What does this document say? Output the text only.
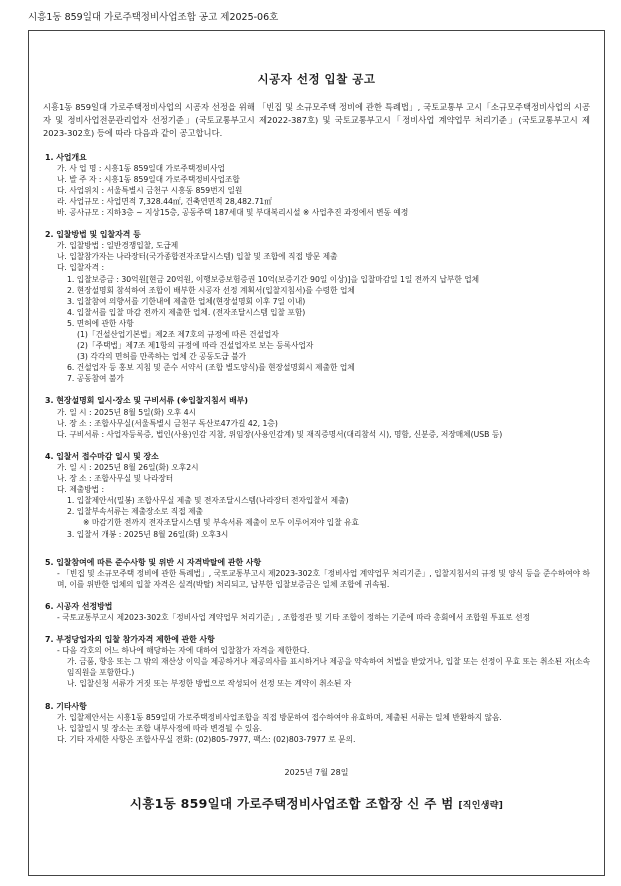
시흥1동 859일대 가로주택정비사업조합 공고 제2025-06호
시공자 선정 입찰 공고

시흥1동 859일대 가로주택정비사업의 시공자 선정을 위해 「빈집 및 소규모주택 정비에 관한 특례법」, 국토교통부 고시「소규모주택정비사업의 시공자 및 정비사업전문관리업자 선정기준」(국토교통부고시 제2022-387호) 및 국토교통부고시「정비사업 계약업무 처리기준」(국토교통부고시 제2023-302호) 등에 따라 다음과 같이 공고합니다.

1. 사업개요
가. 사 업 명 : 시흥1동 859일대 가로주택정비사업
나. 발 주 자 : 시흥1동 859일대 가로주택정비사업조합
다. 사업위치 : 서울특별시 금천구 시흥동 859번지 일원
라. 사업규모 : 사업면적 7,328.44㎡, 건축연면적 28,482.71㎡
바. 공사규모 : 지하3층 ~ 지상15층, 공동주택 187세대 및 부대복리시설 ※ 사업추진 과정에서 변동 예정
2. 입찰방법 및 입찰자격 등
가. 입찰방법 : 일반경쟁입찰, 도급제
나. 입찰참가자는 나라장터(국가종합전자조달시스템) 입찰 및 조합에 직접 방문 제출
다. 입찰자격 :
1. 입찰보증금 : 30억원[현금 20억원, 이행보증보험증권 10억(보증기간 90일 이상)]을 입찰마감일 1일 전까지 납부한 업체
2. 현장설명회 참석하여 조합이 배부한 시공자 선정 계획서(입찰지침서)를 수령한 업체
3. 입찰참여 의향서를 기한내에 제출한 업체(현장설명회 이후 7일 이내)
4. 입찰서를 입찰 마감 전까지 제출한 업체. (전자조달시스템 입찰 포함)
5. 면허에 관한 사항
(1)「건설산업기본법」제2조 제7호의 규정에 따른 건설업자
(2)「주택법」제7조 제1항의 규정에 따라 건설업자로 보는 등록사업자
(3) 각각의 면허를 만족하는 업체 간 공동도급 불가
6. 건설업자 등 홍보 지침 및 준수 서약서 (조합 별도양식)를 현장설명회시 제출한 업체
7. 공동참여 불가
3. 현장설명회 일시·장소 및 구비서류 (※입찰지침서 배부)
가. 일 시 : 2025년 8월 5일(화) 오후 4시
나. 장 소 : 조합사무실(서울특별시 금천구 독산로47가길 42, 1층)
다. 구비서류 : 사업자등록증, 법인(사용)인감 지참, 위임장(사용인감계) 및 재직증명서(대리참석 시), 명함, 신분증, 저장매체(USB 등)
4. 입찰서 접수마감 일시 및 장소
가. 일 시 : 2025년 8월 26일(화) 오후2시
나. 장 소 : 조합사무실 및 나라장터
다. 제출방법 :
1. 입찰제안서(밀봉) 조합사무실 제출 및 전자조달시스템(나라장터 전자입찰서 제출)
2. 입찰부속서류는 제출장소로 직접 제출
※ 마감기한 전까지 전자조달시스템 및 부속서류 제출이 모두 이루어져야 입찰 유효
3. 입찰서 개봉 : 2025년 8월 26일(화) 오후3시
5. 입찰참여에 따른 준수사항 및 위반 시 자격박탈에 관한 사항
- 「빈집 및 소규모주택 정비에 관한 특례법」, 국토교통부고시 제2023-302호「정비사업 계약업무 처리기준」, 입찰지침서의 규정 및 양식 등을 준수하여야 하며, 이를 위반한 업체의 입찰 자격은 실격(박탈) 처리되고, 납부한 입찰보증금은 일체 조합에 귀속됨.
6. 시공자 선정방법
- 국토교통부고시 제2023-302호「정비사업 계약업무 처리기준」, 조합정관 및 기타 조합이 정하는 기준에 따라 총회에서 조합원 투표로 선정
7. 부정당업자의 입찰 참가자격 제한에 관한 사항
- 다음 각호의 어느 하나에 해당하는 자에 대하여 입찰참가 자격을 제한한다.
가. 금품, 향응 또는 그 밖의 재산상 이익을 제공하거나 제공의사를 표시하거나 제공을 약속하여 처벌을 받았거나, 입찰 또는 선정이 무효 또는 취소된 자(소속 임직원을 포함한다.)
나. 입찰신청 서류가 거짓 또는 부정한 방법으로 작성되어 선정 또는 계약이 취소된 자
8. 기타사항
가. 입찰제안서는 시흥1동 859일대 가로주택정비사업조합을 직접 방문하여 접수하여야 유효하며, 제출된 서류는 일체 반환하지 않음.
나. 입찰일시 및 장소는 조합 내부사정에 따라 변경될 수 있음.
다. 기타 자세한 사항은 조합사무실 전화: (02)805-7977, 팩스: (02)803-7977 로 문의.
2025년 7월 28일
시흥1동 859일대 가로주택정비사업조합 조합장 신 주 범 [직인생략]
